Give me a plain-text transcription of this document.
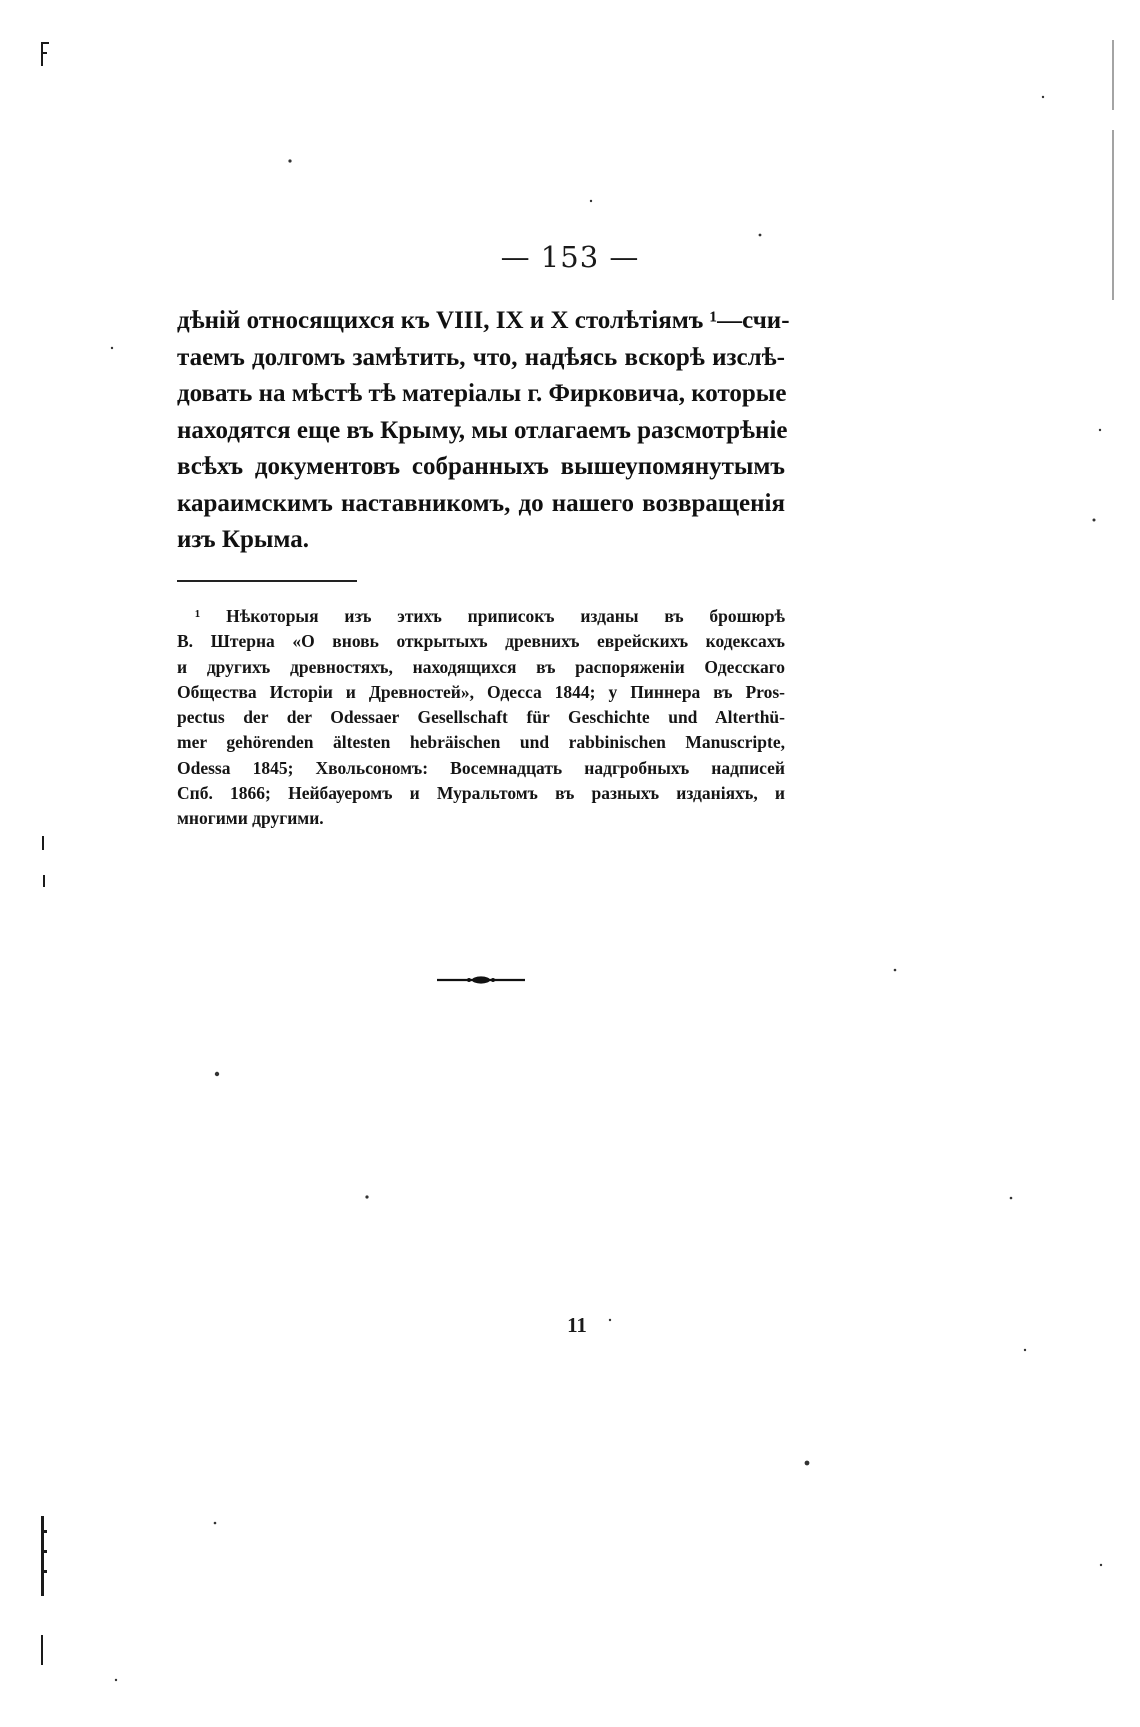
— 153 —
дѣній относящихся къ VIII, IX и X столѣтіямъ ¹—счи-
таемъ долгомъ замѣтить, что, надѣясь вскорѣ изслѣ-
довать на мѣстѣ тѣ матеріалы г. Фирковича, которые
находятся еще въ Крыму, мы отлагаемъ разсмотрѣніе
всѣхъ документовъ собранныхъ вышеупомянутымъ
караимскимъ наставникомъ, до нашего возвращенія
изъ Крыма.
¹ Нѣкоторыя изъ этихъ приписокъ изданы въ брошюрѣ
В. Штерна «О вновь открытыхъ древнихъ еврейскихъ кодексахъ
и другихъ древностяхъ, находящихся въ распоряженіи Одесскаго
Общества Исторіи и Древностей», Одесса 1844; у Пиннера въ Pros-
pectus der der Odessaer Gesellschaft für Geschichte und Alterthü-
mer gehörenden ältesten hebräischen und rabbinischen Manuscripte,
Odessa 1845; Хвольсономъ: Восемнадцать надгробныхъ надписей
Спб. 1866; Нейбауеромъ и Муральтомъ въ разныхъ изданіяхъ, и
многими другими.
11
